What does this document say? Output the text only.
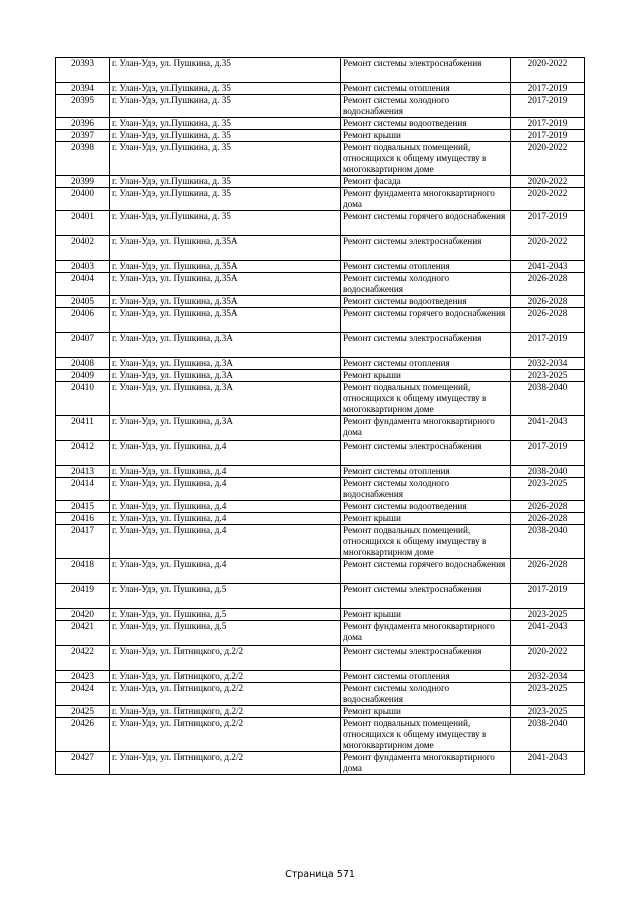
20393	г. Улан-Удэ, ул. Пушкина, д.35	Ремонт системы электроснабжения	2020-2022
20394	г. Улан-Удэ, ул.Пушкина, д. 35	Ремонт системы отопления	2017-2019
20395	г. Улан-Удэ, ул.Пушкина, д. 35	Ремонт системы холодного водоснабжения	2017-2019
20396	г. Улан-Удэ, ул.Пушкина, д. 35	Ремонт системы водоотведения	2017-2019
20397	г. Улан-Удэ, ул.Пушкина, д. 35	Ремонт крыши	2017-2019
20398	г. Улан-Удэ, ул.Пушкина, д. 35	Ремонт подвальных помещений, относящихся к общему имуществу в многоквартирном доме	2020-2022
20399	г. Улан-Удэ, ул.Пушкина, д. 35	Ремонт фасада	2020-2022
20400	г. Улан-Удэ, ул.Пушкина, д. 35	Ремонт фундамента многоквартирного дома	2020-2022
20401	г. Улан-Удэ, ул.Пушкина, д. 35	Ремонт системы горячего водоснабжения	2017-2019
20402	г. Улан-Удэ, ул. Пушкина, д.35А	Ремонт системы электроснабжения	2020-2022
20403	г. Улан-Удэ, ул. Пушкина, д.35А	Ремонт системы отопления	2041-2043
20404	г. Улан-Удэ, ул. Пушкина, д.35А	Ремонт системы холодного водоснабжения	2026-2028
20405	г. Улан-Удэ, ул. Пушкина, д.35А	Ремонт системы водоотведения	2026-2028
20406	г. Улан-Удэ, ул. Пушкина, д.35А	Ремонт системы горячего водоснабжения	2026-2028
20407	г. Улан-Удэ, ул. Пушкина, д.3А	Ремонт системы электроснабжения	2017-2019
20408	г. Улан-Удэ, ул. Пушкина, д.3А	Ремонт системы отопления	2032-2034
20409	г. Улан-Удэ, ул. Пушкина, д.3А	Ремонт крыши	2023-2025
20410	г. Улан-Удэ, ул. Пушкина, д.3А	Ремонт подвальных помещений, относящихся к общему имуществу в многоквартирном доме	2038-2040
20411	г. Улан-Удэ, ул. Пушкина, д.3А	Ремонт фундамента многоквартирного дома	2041-2043
20412	г. Улан-Удэ, ул. Пушкина, д.4	Ремонт системы электроснабжения	2017-2019
20413	г. Улан-Удэ, ул. Пушкина, д.4	Ремонт системы отопления	2038-2040
20414	г. Улан-Удэ, ул. Пушкина, д.4	Ремонт системы холодного водоснабжения	2023-2025
20415	г. Улан-Удэ, ул. Пушкина, д.4	Ремонт системы водоотведения	2026-2028
20416	г. Улан-Удэ, ул. Пушкина, д.4	Ремонт крыши	2026-2028
20417	г. Улан-Удэ, ул. Пушкина, д.4	Ремонт подвальных помещений, относящихся к общему имуществу в многоквартирном доме	2038-2040
20418	г. Улан-Удэ, ул. Пушкина, д.4	Ремонт системы горячего водоснабжения	2026-2028
20419	г. Улан-Удэ, ул. Пушкина, д.5	Ремонт системы электроснабжения	2017-2019
20420	г. Улан-Удэ, ул. Пушкина, д.5	Ремонт крыши	2023-2025
20421	г. Улан-Удэ, ул. Пушкина, д.5	Ремонт фундамента многоквартирного дома	2041-2043
20422	г. Улан-Удэ, ул. Пятницкого, д.2/2	Ремонт системы электроснабжения	2020-2022
20423	г. Улан-Удэ, ул. Пятницкого, д.2/2	Ремонт системы отопления	2032-2034
20424	г. Улан-Удэ, ул. Пятницкого, д.2/2	Ремонт системы холодного водоснабжения	2023-2025
20425	г. Улан-Удэ, ул. Пятницкого, д.2/2	Ремонт крыши	2023-2025
20426	г. Улан-Удэ, ул. Пятницкого, д.2/2	Ремонт подвальных помещений, относящихся к общему имуществу в многоквартирном доме	2038-2040
20427	г. Улан-Удэ, ул. Пятницкого, д.2/2	Ремонт фундамента многоквартирного дома	2041-2043
Страница 571
